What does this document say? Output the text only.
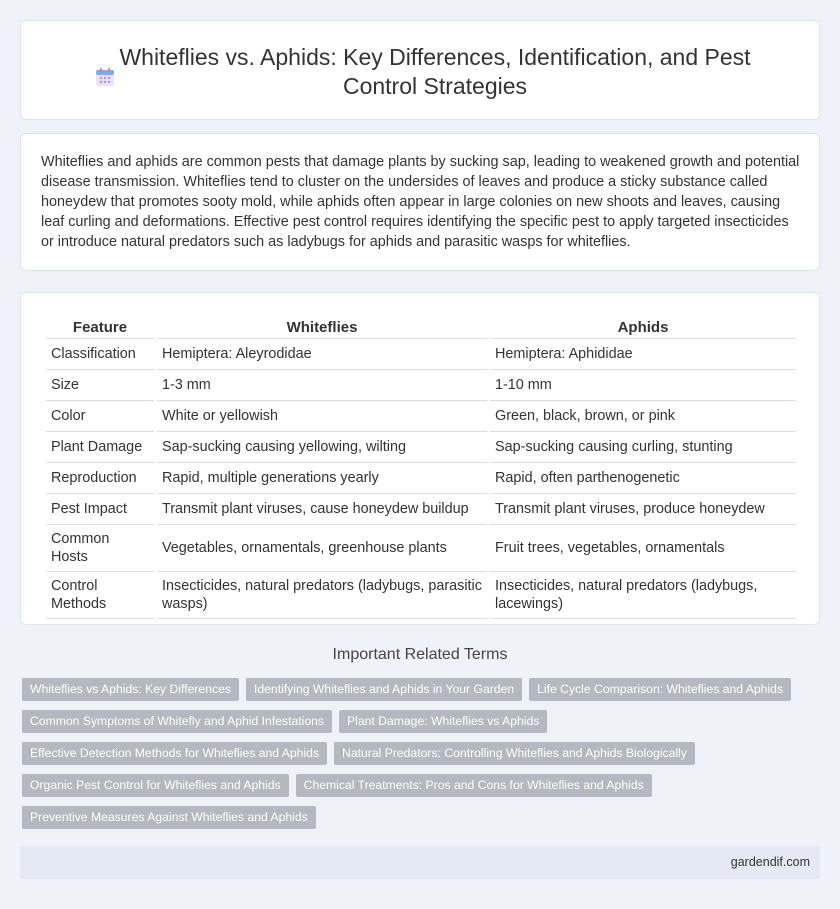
Whiteflies vs. Aphids: Key Differences, Identification, and Pest Control Strategies

Whiteflies and aphids are common pests that damage plants by sucking sap, leading to weakened growth and potential disease transmission. Whiteflies tend to cluster on the undersides of leaves and produce a sticky substance called honeydew that promotes sooty mold, while aphids often appear in large colonies on new shoots and leaves, causing leaf curling and deformations. Effective pest control requires identifying the specific pest to apply targeted insecticides or introduce natural predators such as ladybugs for aphids and parasitic wasps for whiteflies.

Feature	Whiteflies	Aphids
Classification	Hemiptera: Aleyrodidae	Hemiptera: Aphididae
Size	1-3 mm	1-10 mm
Color	White or yellowish	Green, black, brown, or pink
Plant Damage	Sap-sucking causing yellowing, wilting	Sap-sucking causing curling, stunting
Reproduction	Rapid, multiple generations yearly	Rapid, often parthenogenetic
Pest Impact	Transmit plant viruses, cause honeydew buildup	Transmit plant viruses, produce honeydew
Common Hosts	Vegetables, ornamentals, greenhouse plants	Fruit trees, vegetables, ornamentals
Control Methods	Insecticides, natural predators (ladybugs, parasitic wasps)	Insecticides, natural predators (ladybugs, lacewings)
Important Related Terms
Whiteflies vs Aphids: Key Differences	Identifying Whiteflies and Aphids in Your Garden	Life Cycle Comparison: Whiteflies and Aphids
Common Symptoms of Whitefly and Aphid Infestations	Plant Damage: Whiteflies vs Aphids
Effective Detection Methods for Whiteflies and Aphids	Natural Predators: Controlling Whiteflies and Aphids Biologically
Organic Pest Control for Whiteflies and Aphids	Chemical Treatments: Pros and Cons for Whiteflies and Aphids
Preventive Measures Against Whiteflies and Aphids
gardendif.com
